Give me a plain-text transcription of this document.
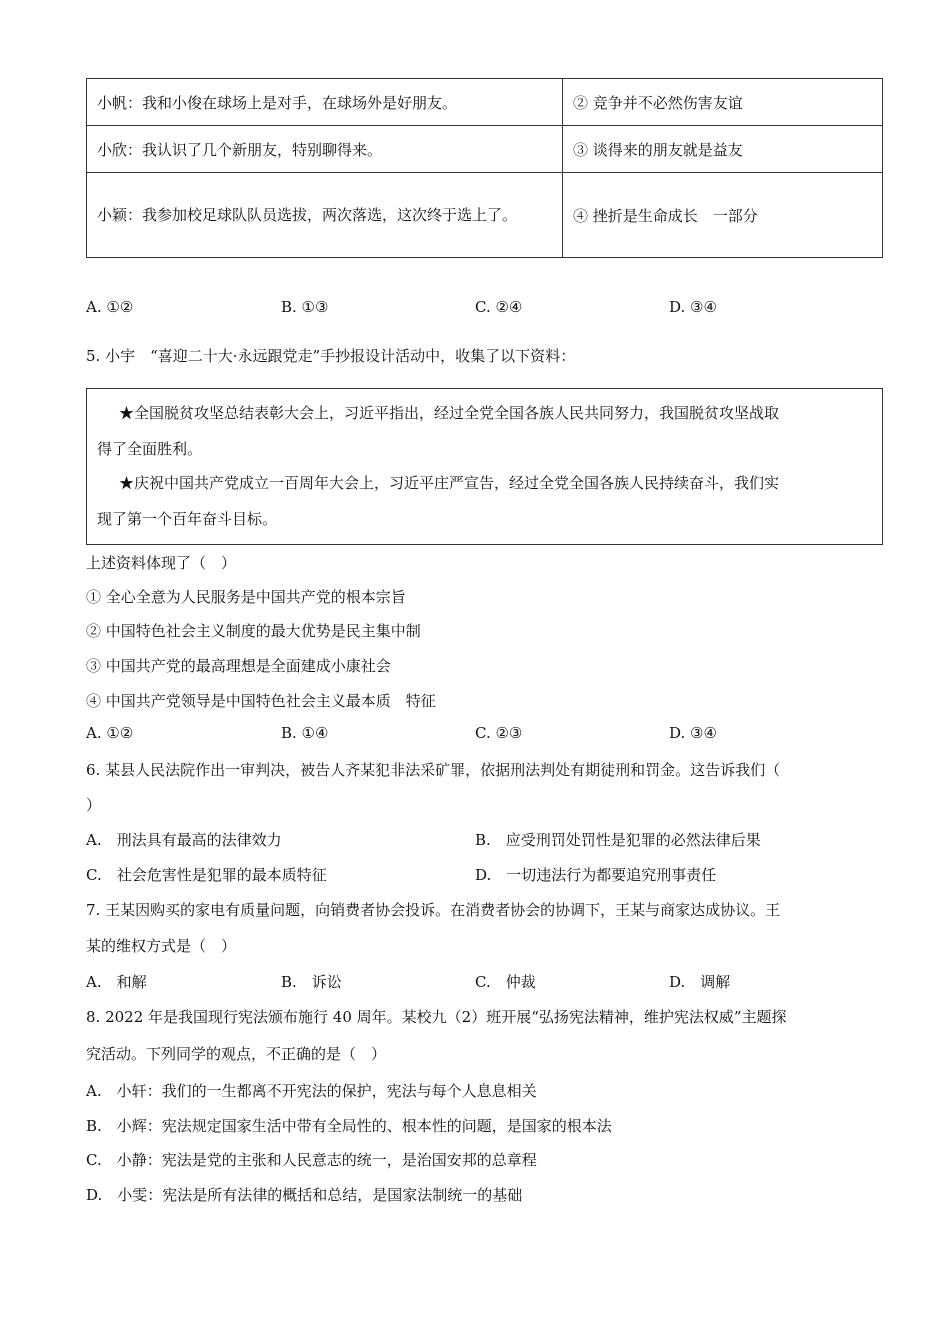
小帆：我和小俊在球场上是对手，在球场外是好朋友。	② 竞争并不必然伤害友谊
小欣：我认识了几个新朋友，特别聊得来。	③ 谈得来的朋友就是益友
小颖：我参加校足球队队员选拔，两次落选，这次终于选上了。	④ 挫折是生命成长　一部分
A. ①②	B. ①③	C. ②④	D. ③④
5. 小宇　“喜迎二十大·永远跟党走”手抄报设计活动中，收集了以下资料：

★全国脱贫攻坚总结表彰大会上，习近平指出，经过全党全国各族人民共同努力，我国脱贫攻坚战取

得了全面胜利。

★庆祝中国共产党成立一百周年大会上，习近平庄严宣告，经过全党全国各族人民持续奋斗，我们实

现了第一个百年奋斗目标。

上述资料体现了（　）
① 全心全意为人民服务是中国共产党的根本宗旨
② 中国特色社会主义制度的最大优势是民主集中制
③ 中国共产党的最高理想是全面建成小康社会
④ 中国共产党领导是中国特色社会主义最本质　特征
A. ①②	B. ①④	C. ②③	D. ③④
6. 某县人民法院作出一审判决，被告人齐某犯非法采矿罪，依据刑法判处有期徒刑和罚金。这告诉我们（
）
A.　刑法具有最高的法律效力	B.　应受刑罚处罚性是犯罪的必然法律后果
C.　社会危害性是犯罪的最本质特征	D.　一切违法行为都要追究刑事责任
7. 王某因购买的家电有质量问题，向销费者协会投诉。在消费者协会的协调下，王某与商家达成协议。王
某的维权方式是（　）
A.　和解	B.　诉讼	C.　仲裁	D.　调解
8. 2022 年是我国现行宪法颁布施行 40 周年。某校九（2）班开展“弘扬宪法精神，维护宪法权威”主题探
究活动。下列同学的观点，不正确的是（　）
A.　小轩：我们的一生都离不开宪法的保护，宪法与每个人息息相关
B.　小辉：宪法规定国家生活中带有全局性的、根本性的问题，是国家的根本法
C.　小静：宪法是党的主张和人民意志的统一，是治国安邦的总章程
D.　小雯：宪法是所有法律的概括和总结，是国家法制统一的基础
